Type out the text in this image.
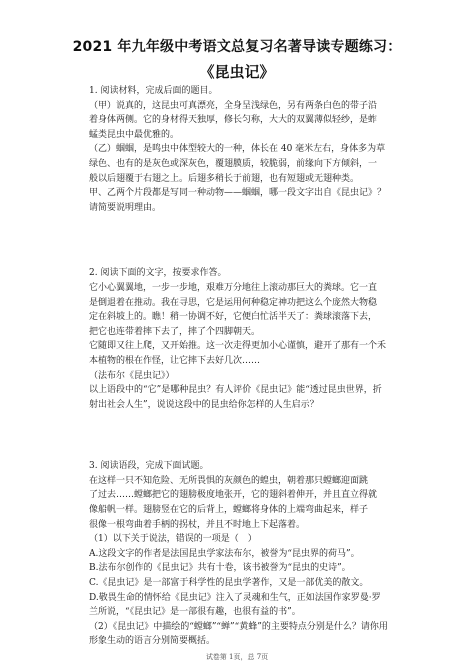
2021 年九年级中考语文总复习名著导读专题练习：
《昆虫记》

1. 阅读材料，完成后面的题目。

（甲）说真的，这昆虫可真漂亮，全身呈浅绿色，另有两条白色的带子沿

着身体两侧。它的身材得天独厚，修长匀称，大大的双翼薄似轻纱，是蚱

蜢类昆虫中最优雅的。

（乙）蝈蝈，是鸣虫中体型较大的一种，体长在 40 毫米左右，身体多为草

绿色、也有的是灰色或深灰色，覆翅膜质，较脆弱，前缘向下方倾斜，一

般以后翅覆于右翅之上。后翅多稍长于前翅，也有短翅或无翅种类。

甲、乙两个片段都是写同一种动物——蝈蝈，哪一段文字出自《昆虫记》？

请简要说明理由。

2. 阅读下面的文字，按要求作答。

它小心翼翼地，一步一步地，艰难万分地往上滚动那巨大的粪球。它一直

是倒退着在推动。我在寻思，它是运用何种稳定神功把这么个庞然大物稳

定在斜坡上的。瞧！稍一协调不好，它便白忙活半天了：粪球滚落下去，

把它也连带着摔下去了，摔了个四脚朝天。

它随即又往上爬，又开始推。这一次走得更加小心谨慎，避开了那有一个禾

本植物的根在作怪，让它摔下去好几次……

（法布尔《昆虫记》）

以上语段中的“它”是哪种昆虫？有人评价《昆虫记》能“透过昆虫世界，折

射出社会人生”，说说这段中的昆虫给你怎样的人生启示？

3. 阅读语段，完成下面试题。

在这样一只不知危险、无所畏惧的灰颜色的蝗虫，朝着那只螳螂迎面跳

了过去……螳螂把它的翅膀极度地张开，它的翅斜着伸开，并且直立得就

像船帆一样。翅膀竖在它的后背上，螳螂将身体的上端弯曲起来，样子

很像一根弯曲着手柄的拐杖，并且不时地上下起落着。

（1）以下关于说法，错误的一项是（　）

A.这段文字的作者是法国昆虫学家法布尔，被誉为“昆虫界的荷马”。

B.法布尔创作的《昆虫记》共有十卷，该书被誉为“昆虫的史诗”。

C.《昆虫记》是一部富于科学性的昆虫学著作，又是一部优美的散文。

D.敬畏生命的情怀给《昆虫记》注入了灵魂和生气，正如法国作家罗曼·罗

兰所说，“《昆虫记》是一部很有趣，也很有益的书”。

（2）《昆虫记》中描绘的“螳螂”“蝉”“黄蜂”的主要特点分别是什么？请你用

形象生动的语言分别简要概括。

试卷第 1页，总 7页
